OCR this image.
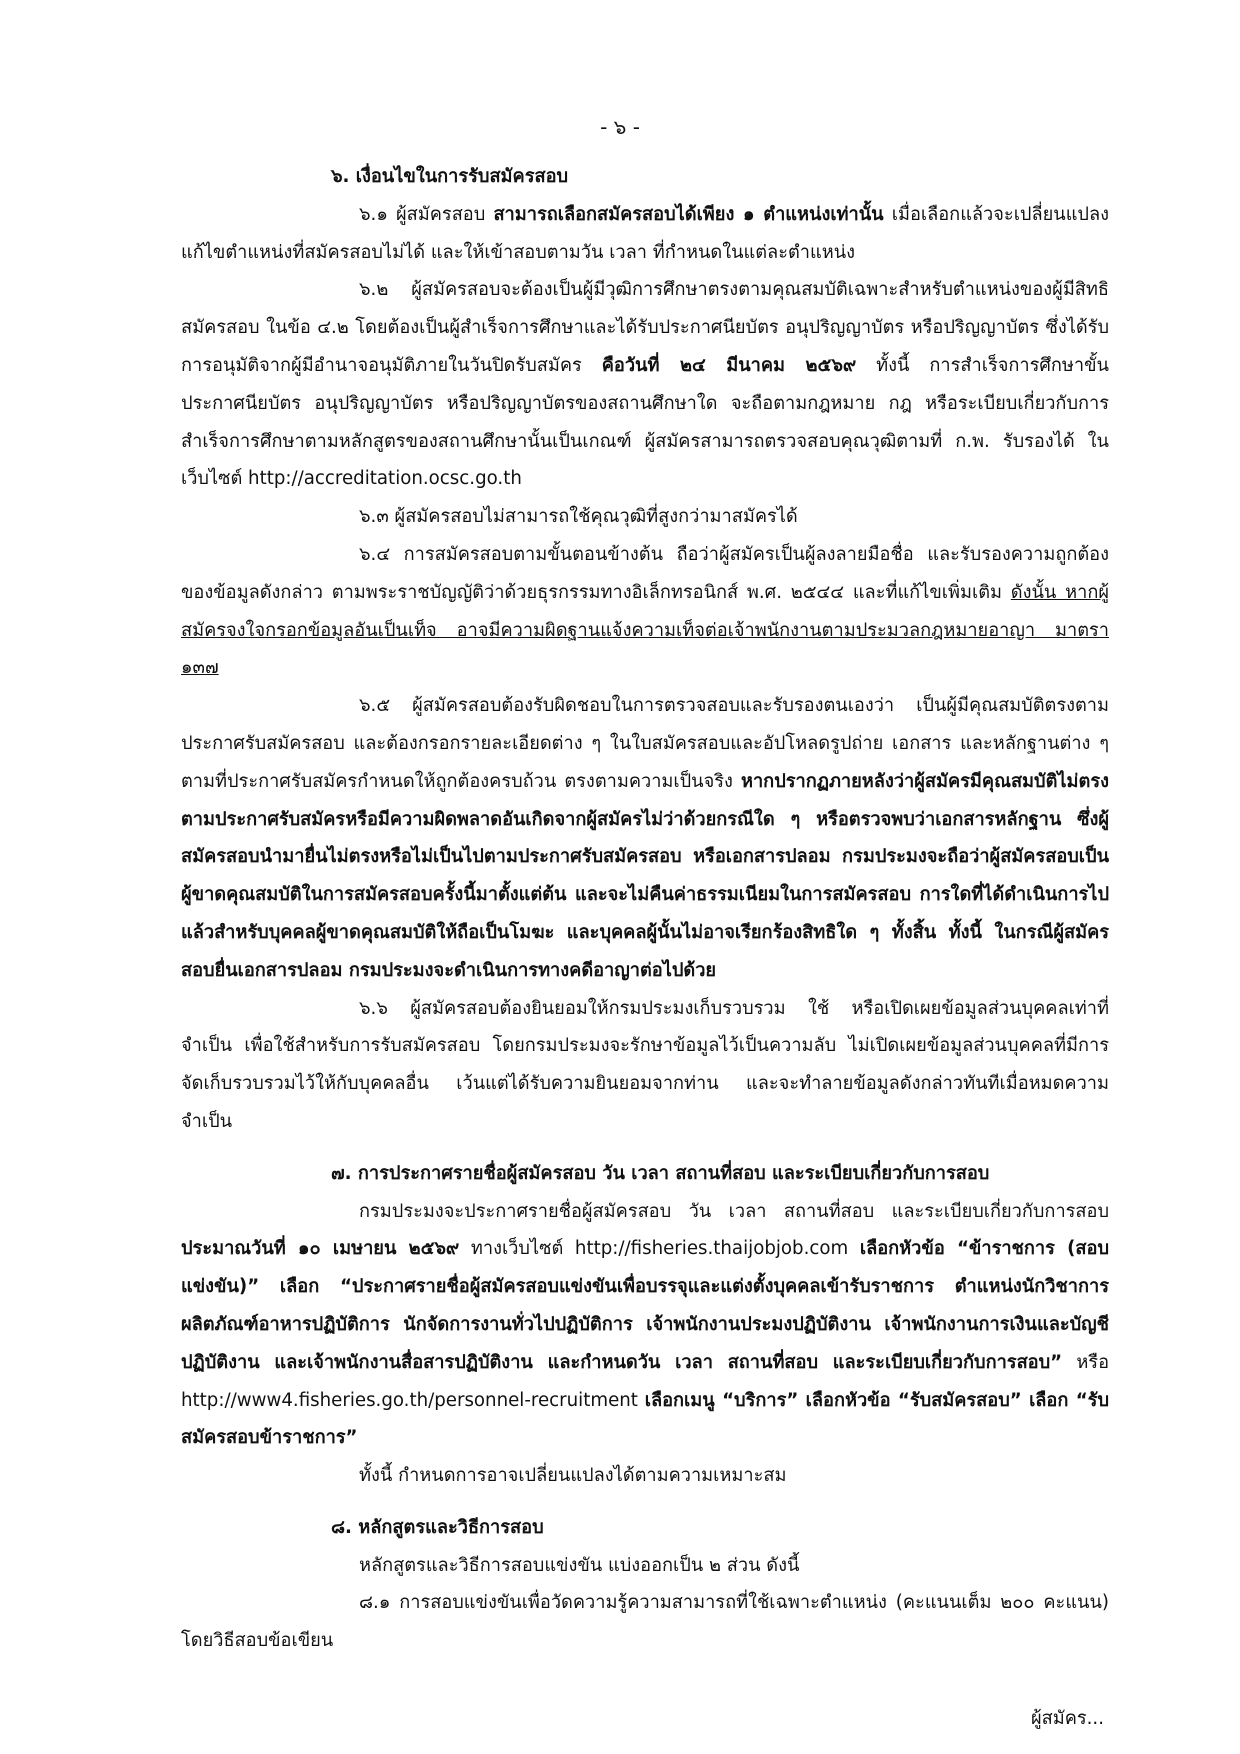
- ๖ -

๖. เงื่อนไขในการรับสมัครสอบ

๖.๑ ผู้สมัครสอบ สามารถเลือกสมัครสอบได้เพียง ๑ ตำแหน่งเท่านั้น เมื่อเลือกแล้วจะเปลี่ยนแปลงแก้ไขตำแหน่งที่สมัครสอบไม่ได้ และให้เข้าสอบตามวัน เวลา ที่กำหนดในแต่ละตำแหน่ง

๖.๒ ผู้สมัครสอบจะต้องเป็นผู้มีวุฒิการศึกษาตรงตามคุณสมบัติเฉพาะสำหรับตำแหน่งของผู้มีสิทธิสมัครสอบ ในข้อ ๔.๒ โดยต้องเป็นผู้สำเร็จการศึกษาและได้รับประกาศนียบัตร อนุปริญญาบัตร หรือปริญญาบัตร ซึ่งได้รับการอนุมัติจากผู้มีอำนาจอนุมัติภายในวันปิดรับสมัคร คือวันที่ ๒๔ มีนาคม ๒๕๖๙ ทั้งนี้ การสำเร็จการศึกษาขั้นประกาศนียบัตร อนุปริญญาบัตร หรือปริญญาบัตรของสถานศึกษาใด จะถือตามกฎหมาย กฎ หรือระเบียบเกี่ยวกับการสำเร็จการศึกษาตามหลักสูตรของสถานศึกษานั้นเป็นเกณฑ์ ผู้สมัครสามารถตรวจสอบคุณวุฒิตามที่ ก.พ. รับรองได้ ในเว็บไซต์ http://accreditation.ocsc.go.th

๖.๓ ผู้สมัครสอบไม่สามารถใช้คุณวุฒิที่สูงกว่ามาสมัครได้

๖.๔ การสมัครสอบตามขั้นตอนข้างต้น ถือว่าผู้สมัครเป็นผู้ลงลายมือชื่อ และรับรองความถูกต้องของข้อมูลดังกล่าว ตามพระราชบัญญัติว่าด้วยธุรกรรมทางอิเล็กทรอนิกส์ พ.ศ. ๒๕๔๔ และที่แก้ไขเพิ่มเติม ดังนั้น หากผู้สมัครจงใจกรอกข้อมูลอันเป็นเท็จ อาจมีความผิดฐานแจ้งความเท็จต่อเจ้าพนักงานตามประมวลกฎหมายอาญา มาตรา ๑๓๗

๖.๕ ผู้สมัครสอบต้องรับผิดชอบในการตรวจสอบและรับรองตนเองว่า เป็นผู้มีคุณสมบัติตรงตามประกาศรับสมัครสอบ และต้องกรอกรายละเอียดต่าง ๆ ในใบสมัครสอบและอัปโหลดรูปถ่าย เอกสาร และหลักฐานต่าง ๆ ตามที่ประกาศรับสมัครกำหนดให้ถูกต้องครบถ้วน ตรงตามความเป็นจริง หากปรากฏภายหลังว่าผู้สมัครมีคุณสมบัติไม่ตรงตามประกาศรับสมัครหรือมีความผิดพลาดอันเกิดจากผู้สมัครไม่ว่าด้วยกรณีใด ๆ หรือตรวจพบว่าเอกสารหลักฐาน ซึ่งผู้สมัครสอบนำมายื่นไม่ตรงหรือไม่เป็นไปตามประกาศรับสมัครสอบ หรือเอกสารปลอม กรมประมงจะถือว่าผู้สมัครสอบเป็นผู้ขาดคุณสมบัติในการสมัครสอบครั้งนี้มาตั้งแต่ต้น และจะไม่คืนค่าธรรมเนียมในการสมัครสอบ การใดที่ได้ดำเนินการไปแล้วสำหรับบุคคลผู้ขาดคุณสมบัติให้ถือเป็นโมฆะ และบุคคลผู้นั้นไม่อาจเรียกร้องสิทธิใด ๆ ทั้งสิ้น ทั้งนี้ ในกรณีผู้สมัครสอบยื่นเอกสารปลอม กรมประมงจะดำเนินการทางคดีอาญาต่อไปด้วย

๖.๖ ผู้สมัครสอบต้องยินยอมให้กรมประมงเก็บรวบรวม ใช้ หรือเปิดเผยข้อมูลส่วนบุคคลเท่าที่จำเป็น เพื่อใช้สำหรับการรับสมัครสอบ โดยกรมประมงจะรักษาข้อมูลไว้เป็นความลับ ไม่เปิดเผยข้อมูลส่วนบุคคลที่มีการจัดเก็บรวบรวมไว้ให้กับบุคคลอื่น เว้นแต่ได้รับความยินยอมจากท่าน และจะทำลายข้อมูลดังกล่าวทันทีเมื่อหมดความจำเป็น

๗. การประกาศรายชื่อผู้สมัครสอบ วัน เวลา สถานที่สอบ และระเบียบเกี่ยวกับการสอบ

กรมประมงจะประกาศรายชื่อผู้สมัครสอบ วัน เวลา สถานที่สอบ และระเบียบเกี่ยวกับการสอบ ประมาณวันที่ ๑๐ เมษายน ๒๕๖๙ ทางเว็บไซต์ http://fisheries.thaijobjob.com เลือกหัวข้อ “ข้าราชการ (สอบแข่งขัน)” เลือก “ประกาศรายชื่อผู้สมัครสอบแข่งขันเพื่อบรรจุและแต่งตั้งบุคคลเข้ารับราชการ ตำแหน่งนักวิชาการผลิตภัณฑ์อาหารปฏิบัติการ นักจัดการงานทั่วไปปฏิบัติการ เจ้าพนักงานประมงปฏิบัติงาน เจ้าพนักงานการเงินและบัญชีปฏิบัติงาน และเจ้าพนักงานสื่อสารปฏิบัติงาน และกำหนดวัน เวลา สถานที่สอบ และระเบียบเกี่ยวกับการสอบ” หรือ http://www4.fisheries.go.th/personnel-recruitment เลือกเมนู “บริการ” เลือกหัวข้อ “รับสมัครสอบ” เลือก “รับสมัครสอบข้าราชการ”

ทั้งนี้ กำหนดการอาจเปลี่ยนแปลงได้ตามความเหมาะสม

๘. หลักสูตรและวิธีการสอบ

หลักสูตรและวิธีการสอบแข่งขัน แบ่งออกเป็น ๒ ส่วน ดังนี้

๘.๑ การสอบแข่งขันเพื่อวัดความรู้ความสามารถที่ใช้เฉพาะตำแหน่ง (คะแนนเต็ม ๒๐๐ คะแนน) โดยวิธีสอบข้อเขียน

ผู้สมัคร...
